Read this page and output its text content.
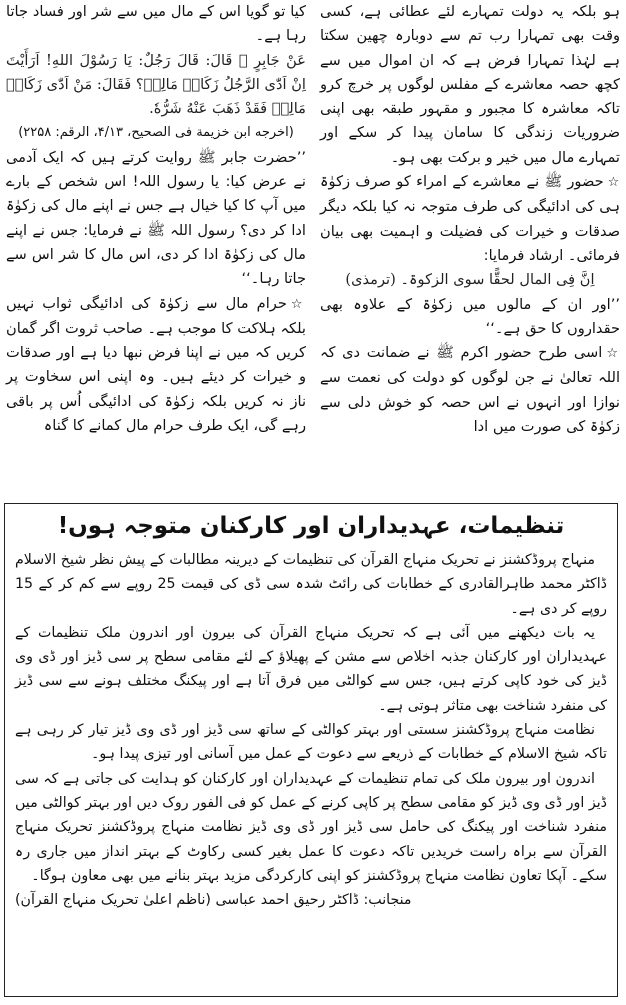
ہو بلکہ یہ دولت تمہارے لئے عطائی ہے، کسی وقت بھی تمہارا رب تم سے دوبارہ چھین سکتا ہے لہٰذا تمہارا فرض ہے کہ ان اموال میں سے کچھ حصہ معاشرے کے مفلس لوگوں پر خرچ کرو تاکہ معاشرہ کا مجبور و مقہور طبقہ بھی اپنی ضروریات زندگی کا سامان پیدا کر سکے اور تمہارے مال میں خیر و برکت بھی ہو۔

☆حضور ﷺ نے معاشرے کے امراء کو صرف زکوٰۃ ہی کی ادائیگی کی طرف متوجہ نہ کیا بلکہ دیگر صدقات و خیرات کی فضیلت و اہمیت بھی بیان فرمائی۔ ارشاد فرمایا:

اِنَّ فِی المال لحقًّا سوی الزکوۃ۔ (ترمذی)

’’اور ان کے مالوں میں زکوٰۃ کے علاوہ بھی حقداروں کا حق ہے۔‘‘

☆اسی طرح حضور اکرم ﷺ نے ضمانت دی کہ اللہ تعالیٰ نے جن لوگوں کو دولت کی نعمت سے نوازا اور انہوں نے اس حصہ کو خوش دلی سے زکوٰۃ کی صورت میں ادا

کیا تو گویا اس کے مال میں سے شر اور فساد جاتا رہا ہے۔

عَنْ جَابِرٍ ﷺ قَالَ: قَالَ رَجُلٌ: یَا رَسُوْلَ اللهِ! اَرَأَیْتَ اِنْ اَدّٰی الرَّجُلُ زَکَاۃَ مَالِهٖ؟ فَقَالَ: مَنْ اَدّٰی زَکَاۃَ مَالِهٖ فَقَدْ ذَهَبَ عَنْهُ شَرُّهٗ.

(اخرجه ابن خزیمة فی الصحیح، ۴/۱۳، الرقم: ۲۲۵۸)

’’حضرت جابر ﷺ روایت کرتے ہیں کہ ایک آدمی نے عرض کیا: یا رسول اللہ! اس شخص کے بارے میں آپ کا کیا خیال ہے جس نے اپنے مال کی زکوٰۃ ادا کر دی؟ رسول اللہ ﷺ نے فرمایا: جس نے اپنے مال کی زکوٰۃ ادا کر دی، اس مال کا شر اس سے جاتا رہا۔‘‘

☆حرام مال سے زکوٰۃ کی ادائیگی ثواب نہیں بلکہ ہلاکت کا موجب ہے۔ صاحب ثروت اگر گمان کریں کہ میں نے اپنا فرض نبھا دیا ہے اور صدقات و خیرات کر دیئے ہیں۔ وہ اپنی اس سخاوت پر ناز نہ کریں بلکہ زکوٰۃ کی ادائیگی اُس پر باقی رہے گی، ایک طرف حرام مال کمانے کا گناہ

تنظیمات، عہدیداران اور کارکنان متوجہ ہوں!

منہاج پروڈکشنز نے تحریک منہاج القرآن کی تنظیمات کے دیرینہ مطالبات کے پیش نظر شیخ الاسلام ڈاکٹر محمد طاہرالقادری کے خطابات کی رائٹ شدہ سی ڈی کی قیمت 25 روپے سے کم کر کے 15 روپے کر دی ہے۔

یہ بات دیکھنے میں آئی ہے کہ تحریک منہاج القرآن کی بیرون اور اندرون ملک تنظیمات کے عہدیداران اور کارکنان جذبہ اخلاص سے مشن کے پھیلاؤ کے لئے مقامی سطح پر سی ڈیز اور ڈی وی ڈیز کی خود کاپی کرتے ہیں، جس سے کوالٹی میں فرق آتا ہے اور پیکنگ مختلف ہونے سے سی ڈیز کی منفرد شناخت بھی متاثر ہوتی ہے۔

نظامت منہاج پروڈکشنز سستی اور بہتر کوالٹی کے ساتھ سی ڈیز اور ڈی وی ڈیز تیار کر رہی ہے تاکہ شیخ الاسلام کے خطابات کے ذریعے سے دعوت کے عمل میں آسانی اور تیزی پیدا ہو۔

اندرون اور بیرون ملک کی تمام تنظیمات کے عہدیداران اور کارکنان کو ہدایت کی جاتی ہے کہ سی ڈیز اور ڈی وی ڈیز کو مقامی سطح پر کاپی کرنے کے عمل کو فی الفور روک دیں اور بہتر کوالٹی میں منفرد شناخت اور پیکنگ کی حامل سی ڈیز اور ڈی وی ڈیز نظامت منہاج پروڈکشنز تحریک منہاج القرآن سے براہ راست خریدیں تاکہ دعوت کا عمل بغیر کسی رکاوٹ کے بہتر انداز میں جاری رہ سکے۔ آپکا تعاون نظامت منہاج پروڈکشنز کو اپنی کارکردگی مزید بہتر بنانے میں بھی معاون ہوگا۔

منجانب: ڈاکٹر رحیق احمد عباسی (ناظم اعلیٰ تحریک منہاج القرآن)
